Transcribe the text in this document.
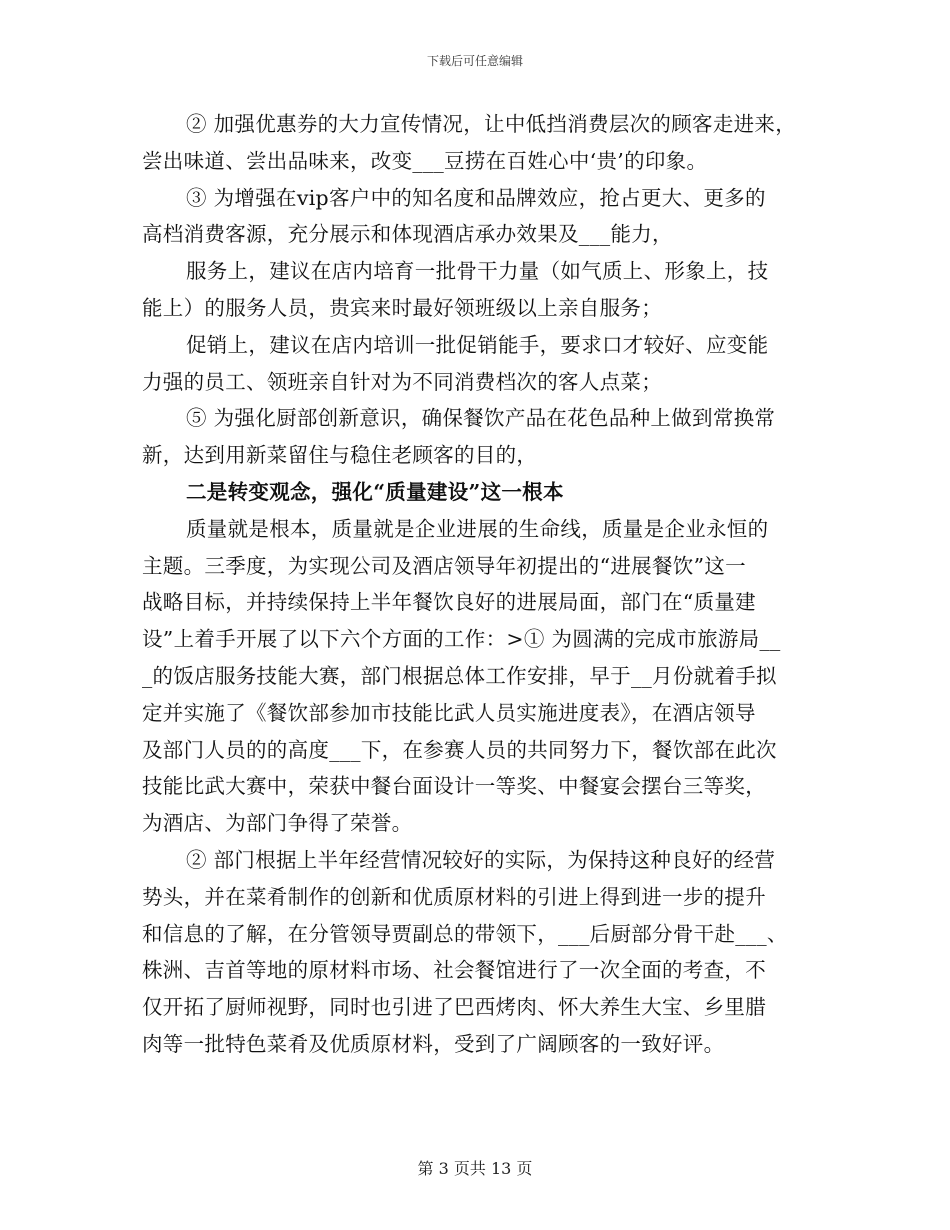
下载后可任意编辑
② 加强优惠券的大力宣传情况，让中低挡消费层次的顾客走进来，
尝出味道、尝出品味来，改变___豆捞在百姓心中‘贵’的印象。
③ 为增强在vip客户中的知名度和品牌效应，抢占更大、更多的
高档消费客源，充分展示和体现酒店承办效果及___能力，
服务上，建议在店内培育一批骨干力量（如气质上、形象上，技
能上）的服务人员，贵宾来时最好领班级以上亲自服务；
促销上，建议在店内培训一批促销能手，要求口才较好、应变能
力强的员工、领班亲自针对为不同消费档次的客人点菜；
⑤ 为强化厨部创新意识，确保餐饮产品在花色品种上做到常换常
新，达到用新菜留住与稳住老顾客的目的，
二是转变观念，强化“质量建设”这一根本
质量就是根本，质量就是企业进展的生命线，质量是企业永恒的
主题。三季度，为实现公司及酒店领导年初提出的“进展餐饮”这一
战略目标，并持续保持上半年餐饮良好的进展局面，部门在“质量建
设”上着手开展了以下六个方面的工作：>① 为圆满的完成市旅游局__
_的饭店服务技能大赛，部门根据总体工作安排，早于__月份就着手拟
定并实施了《餐饮部参加市技能比武人员实施进度表》，在酒店领导
及部门人员的的高度___下，在参赛人员的共同努力下，餐饮部在此次
技能比武大赛中，荣获中餐台面设计一等奖、中餐宴会摆台三等奖，
为酒店、为部门争得了荣誉。
② 部门根据上半年经营情况较好的实际，为保持这种良好的经营
势头，并在菜肴制作的创新和优质原材料的引进上得到进一步的提升
和信息的了解，在分管领导贾副总的带领下，___后厨部分骨干赴___、
株洲、吉首等地的原材料市场、社会餐馆进行了一次全面的考查，不
仅开拓了厨师视野，同时也引进了巴西烤肉、怀大养生大宝、乡里腊
肉等一批特色菜肴及优质原材料，受到了广阔顾客的一致好评。
第 3 页共 13 页
